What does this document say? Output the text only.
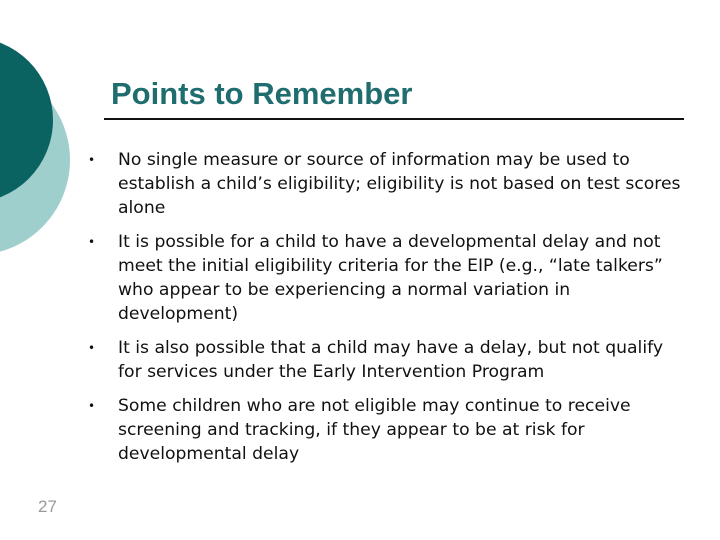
Points to Remember
• No single measure or source of information may be used to establish a child’s eligibility; eligibility is not based on test scores alone
• It is possible for a child to have a developmental delay and not meet the initial eligibility criteria for the EIP (e.g., “late talkers” who appear to be experiencing a normal variation in development)
• It is also possible that a child may have a delay, but not qualify for services under the Early Intervention Program
• Some children who are not eligible may continue to receive screening and tracking, if they appear to be at risk for developmental delay
27
